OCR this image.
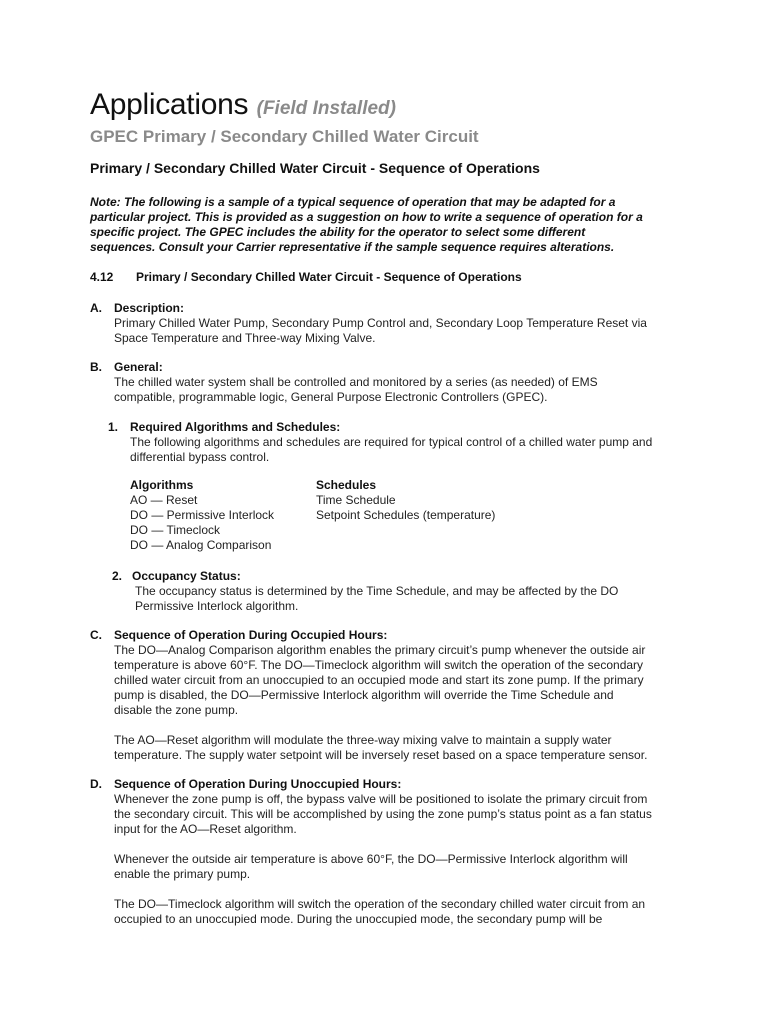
Applications (Field Installed)
GPEC Primary / Secondary Chilled Water Circuit
Primary / Secondary Chilled Water Circuit - Sequence of Operations
Note: The following is a sample of a typical sequence of operation that may be adapted for a
particular project. This is provided as a suggestion on how to write a sequence of operation for a
specific project. The GPEC includes the ability for the operator to select some different
sequences. Consult your Carrier representative if the sample sequence requires alterations.
4.12 Primary / Secondary Chilled Water Circuit - Sequence of Operations
A. Description:
Primary Chilled Water Pump, Secondary Pump Control and, Secondary Loop Temperature Reset via
Space Temperature and Three-way Mixing Valve.
B. General:
The chilled water system shall be controlled and monitored by a series (as needed) of EMS
compatible, programmable logic, General Purpose Electronic Controllers (GPEC).
1. Required Algorithms and Schedules:
The following algorithms and schedules are required for typical control of a chilled water pump and
differential bypass control.
Algorithms
AO — Reset
DO — Permissive Interlock
DO — Timeclock
DO — Analog Comparison
Schedules
Time Schedule
Setpoint Schedules (temperature)
2. Occupancy Status:
The occupancy status is determined by the Time Schedule, and may be affected by the DO
Permissive Interlock algorithm.
C. Sequence of Operation During Occupied Hours:
The DO—Analog Comparison algorithm enables the primary circuit’s pump whenever the outside air
temperature is above 60°F. The DO—Timeclock algorithm will switch the operation of the secondary
chilled water circuit from an unoccupied to an occupied mode and start its zone pump. If the primary
pump is disabled, the DO—Permissive Interlock algorithm will override the Time Schedule and
disable the zone pump.
The AO—Reset algorithm will modulate the three-way mixing valve to maintain a supply water
temperature. The supply water setpoint will be inversely reset based on a space temperature sensor.
D. Sequence of Operation During Unoccupied Hours:
Whenever the zone pump is off, the bypass valve will be positioned to isolate the primary circuit from
the secondary circuit. This will be accomplished by using the zone pump’s status point as a fan status
input for the AO—Reset algorithm.
Whenever the outside air temperature is above 60°F, the DO—Permissive Interlock algorithm will
enable the primary pump.
The DO—Timeclock algorithm will switch the operation of the secondary chilled water circuit from an
occupied to an unoccupied mode. During the unoccupied mode, the secondary pump will be
